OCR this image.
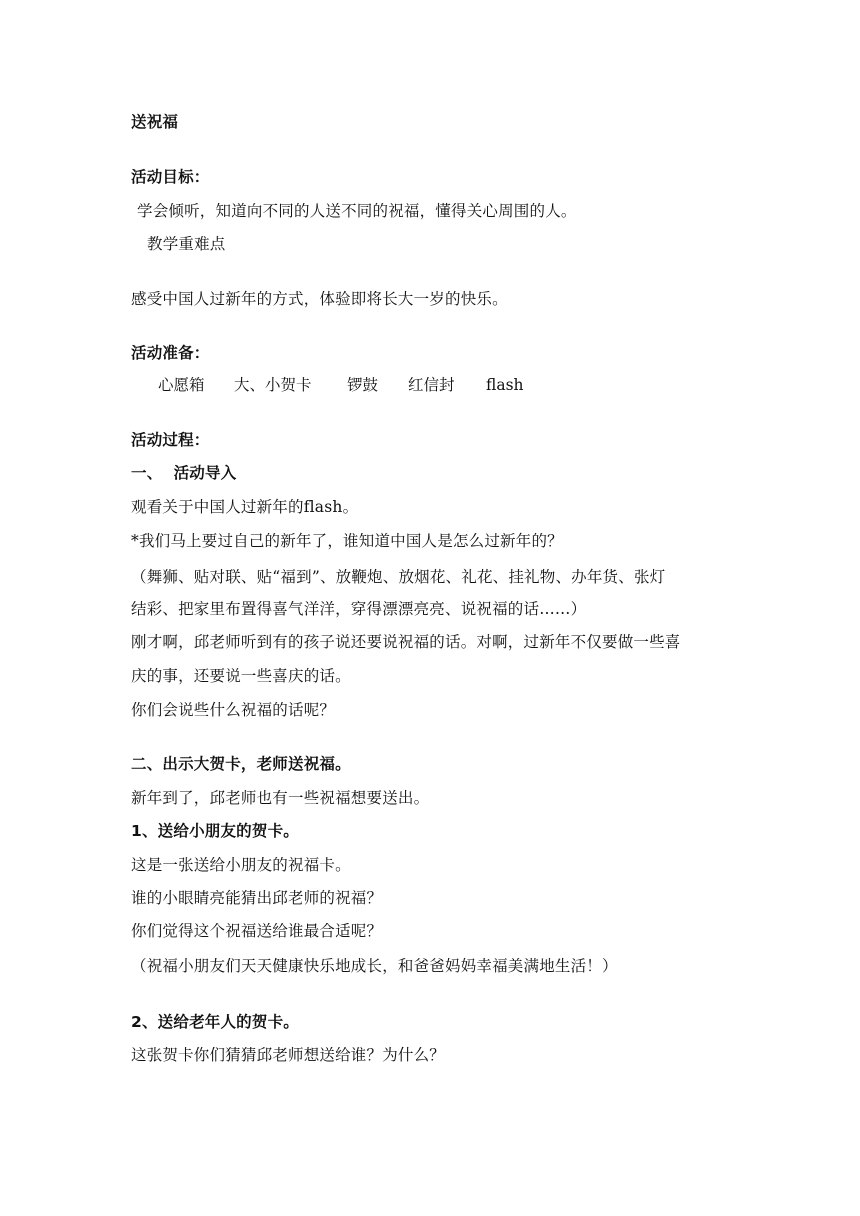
送祝福
活动目标：
学会倾听，知道向不同的人送不同的祝福，懂得关心周围的人。
教学重难点
感受中国人过新年的方式，体验即将长大一岁的快乐。
活动准备：
心愿箱 大、小贺卡 锣鼓 红信封 flash
活动过程：
一、  活动导入
观看关于中国人过新年的flash。
*我们马上要过自己的新年了，谁知道中国人是怎么过新年的？
（舞狮、贴对联、贴“福到”、放鞭炮、放烟花、礼花、挂礼物、办年货、张灯
结彩、把家里布置得喜气洋洋，穿得漂漂亮亮、说祝福的话……）
刚才啊，邱老师听到有的孩子说还要说祝福的话。对啊，过新年不仅要做一些喜
庆的事，还要说一些喜庆的话。
你们会说些什么祝福的话呢？
二、出示大贺卡，老师送祝福。
新年到了，邱老师也有一些祝福想要送出。
1、送给小朋友的贺卡。
这是一张送给小朋友的祝福卡。
谁的小眼睛亮能猜出邱老师的祝福？
你们觉得这个祝福送给谁最合适呢？
（祝福小朋友们天天健康快乐地成长，和爸爸妈妈幸福美满地生活！）
2、送给老年人的贺卡。
这张贺卡你们猜猜邱老师想送给谁？为什么？
